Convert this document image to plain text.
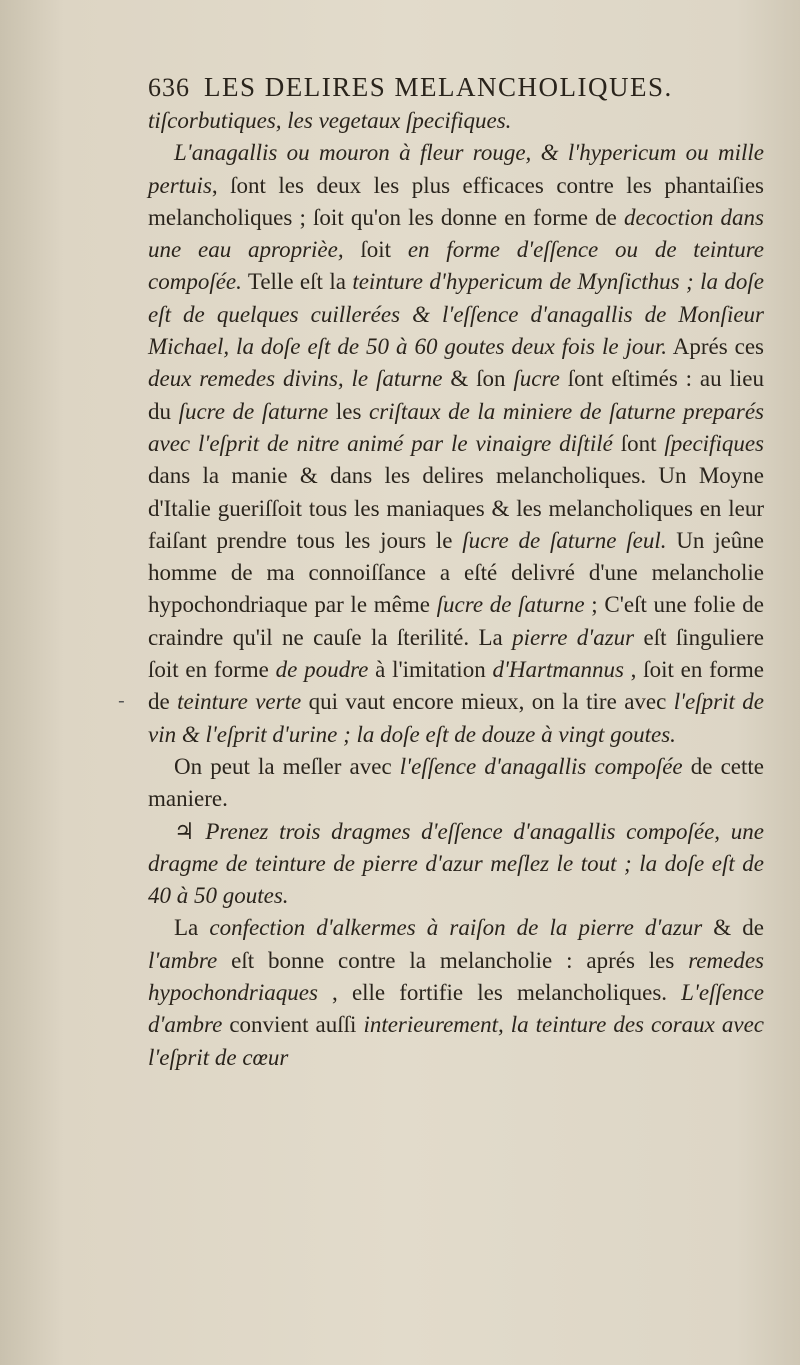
636 LES DELIRES MELANCHOLIQUES.

tiſcorbutiques, les vegetaux ſpecifiques.

L'anagallis ou mouron à fleur rouge, & l'hypericum ou mille pertuis, ſont les deux les plus efficaces contre les phantaiſies melancholiques ; ſoit qu'on les donne en forme de decoction dans une eau aproprièe, ſoit en forme d'eſſence ou de teinture compoſée. Telle eſt la teinture d'hypericum de Mynſicthus ; la doſe eſt de quelques cuillerées & l'eſſence d'anagallis de Monſieur Michael, la doſe eſt de 50 à 60 goutes deux fois le jour. Aprés ces deux remedes divins, le ſaturne & ſon ſucre ſont eſtimés : au lieu du ſucre de ſaturne les criſtaux de la miniere de ſaturne preparés avec l'eſprit de nitre animé par le vinaigre diſtilé ſont ſpecifiques dans la manie & dans les delires melancholiques. Un Moyne d'Italie gueriſſoit tous les maniaques & les melancholiques en leur faiſant prendre tous les jours le ſucre de ſaturne ſeul. Un jeûne homme de ma connoiſſance a eſté delivré d'une melancholie hypochondriaque par le même ſucre de ſaturne ; C'eſt une folie de craindre qu'il ne cauſe la ſterilité. La pierre d'azur eſt ſinguliere ſoit en forme de poudre à l'imitation d'Hartmannus , ſoit en forme de teinture verte qui vaut encore mieux, on la tire avec l'eſprit de vin & l'eſprit d'urine ; la doſe eſt de douze à vingt goutes.

On peut la meſler avec l'eſſence d'anagallis compoſée de cette maniere.

♃ Prenez trois dragmes d'eſſence d'anagallis compoſée, une dragme de teinture de pierre d'azur meſlez le tout ; la doſe eſt de 40 à 50 goutes.

La confection d'alkermes à raiſon de la pierre d'azur & de l'ambre eſt bonne contre la melancholie : aprés les remedes hypochondriaques , elle fortifie les melancholiques. L'eſſence d'ambre convient auſſi interieurement, la teinture des coraux avec l'eſprit de cœur

-
